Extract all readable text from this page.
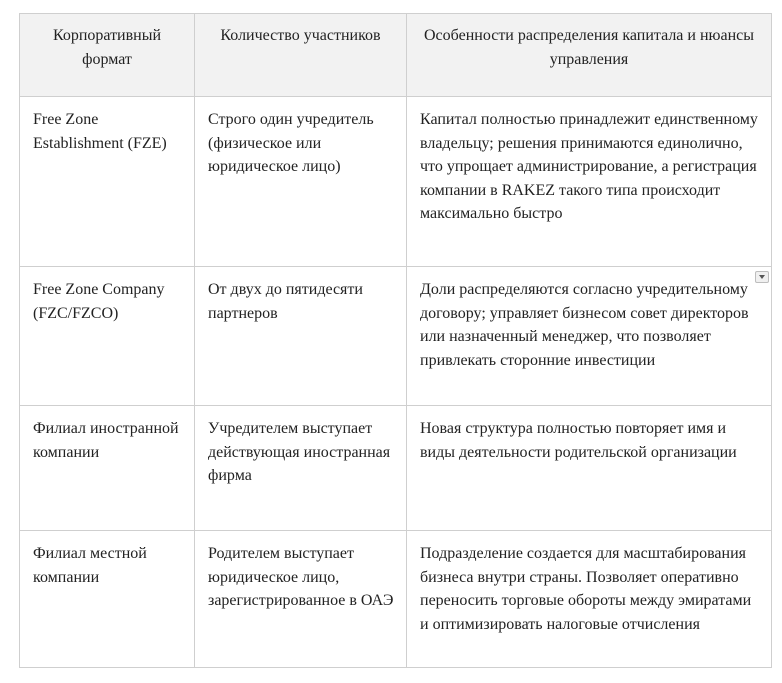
Корпоративный формат	Количество участников	Особенности распределения капитала и нюансы управления

Free Zone Establishment (FZE)	Строго один учредитель (физическое или юридическое лицо)	Капитал полностью принадлежит единственному владельцу; решения принимаются единолично, что упрощает администрирование, а регистрация компании в RAKEZ такого типа происходит максимально быстро

Free Zone Company (FZC/FZCO)	От двух до пятидесяти партнеров	Доли распределяются согласно учредительному договору; управляет бизнесом совет директоров или назначенный менеджер, что позволяет привлекать сторонние инвестиции

Филиал иностранной компании	Учредителем выступает действующая иностранная фирма	Новая структура полностью повторяет имя и виды деятельности родительской организации

Филиал местной компании	Родителем выступает юридическое лицо, зарегистрированное в ОАЭ	Подразделение создается для масштабирования бизнеса внутри страны. Позволяет оперативно переносить торговые обороты между эмиратами и оптимизировать налоговые отчисления
